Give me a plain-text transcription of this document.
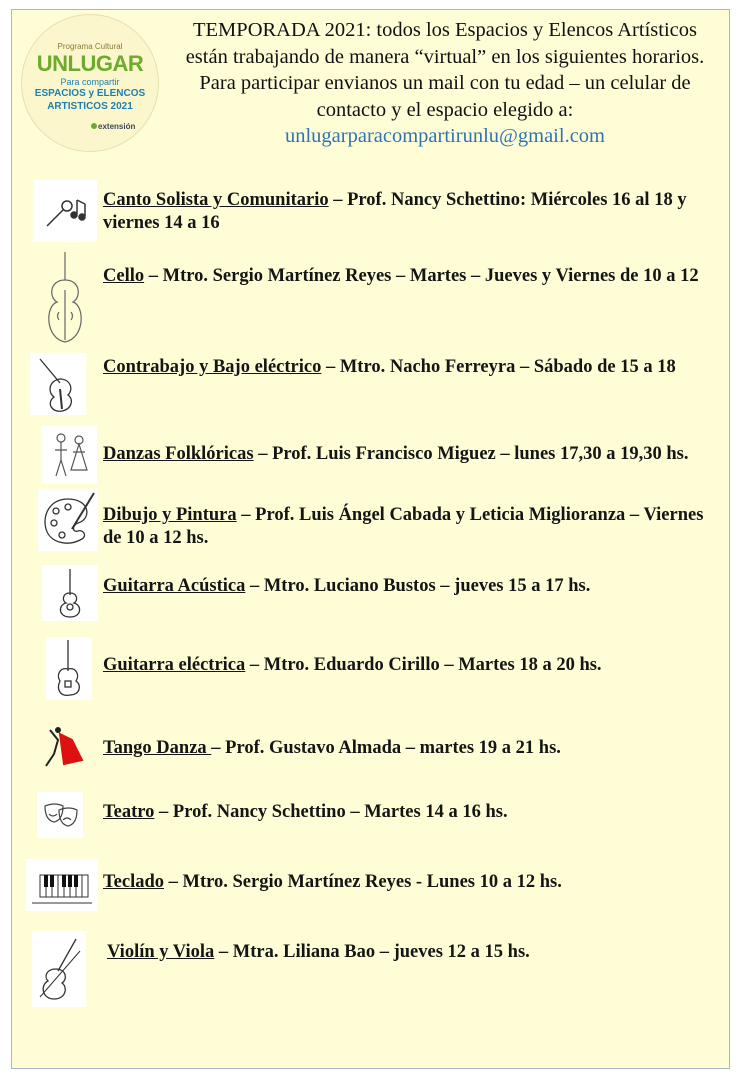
Programa Cultural
UNLUGAR
Para compartir
ESPACIOS y ELENCOS
ARTISTICOS 2021
extensión
TEMPORADA 2021: todos los Espacios y Elencos Artísticos están trabajando de manera “virtual” en los siguientes horarios. Para participar envianos un mail con tu edad – un celular de contacto y el espacio elegido a: unlugarparacompartirunlu@gmail.com
Canto Solista y Comunitario – Prof. Nancy Schettino: Miércoles 16 al 18 y viernes 14 a 16
Cello – Mtro. Sergio Martínez Reyes – Martes – Jueves y Viernes de 10 a 12
Contrabajo y Bajo eléctrico – Mtro. Nacho Ferreyra – Sábado de 15 a 18
Danzas Folklóricas – Prof. Luis Francisco Miguez – lunes 17,30 a 19,30 hs.
Dibujo y Pintura – Prof. Luis Ángel Cabada y Leticia Miglioranza – Viernes de 10 a 12 hs.
Guitarra Acústica – Mtro. Luciano Bustos – jueves 15 a 17 hs.
Guitarra eléctrica – Mtro. Eduardo Cirillo – Martes 18 a 20 hs.
Tango Danza – Prof. Gustavo Almada – martes 19 a 21 hs.
Teatro – Prof. Nancy Schettino – Martes 14 a 16 hs.
Teclado – Mtro. Sergio Martínez Reyes - Lunes 10 a 12 hs.
Violín y Viola – Mtra. Liliana Bao – jueves 12 a 15 hs.
